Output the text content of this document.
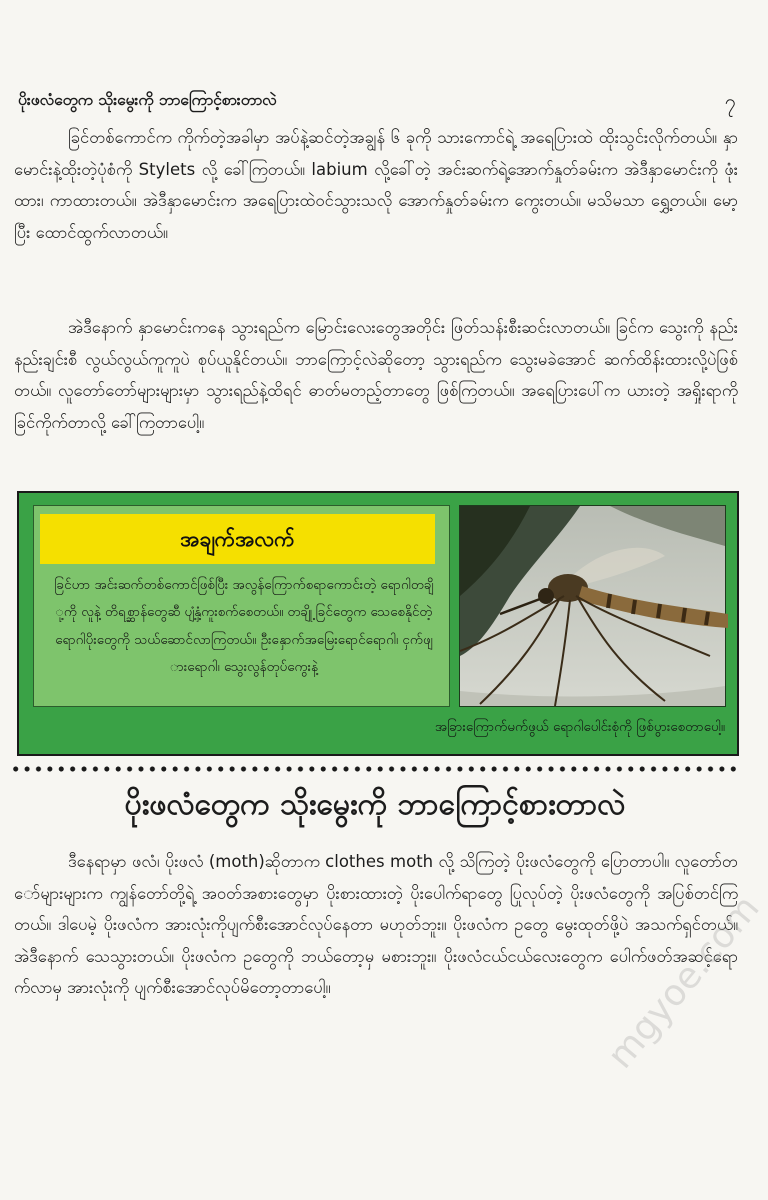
ပိုးဖလံတွေက သိုးမွေးကို ဘာကြောင့်စားတာလဲ	၇

ခြင်တစ်ကောင်က ကိုက်တဲ့အခါမှာ အပ်နဲ့ဆင်တဲ့အချွန် ၆ ခုကို သားကောင်ရဲ့ အရေပြားထဲ ထိုးသွင်းလိုက်တယ်။ နှာမောင်းနဲ့ထိုးတဲ့ပုံစံကို Stylets လို့ ခေါ်ကြတယ်။ labium လို့ခေါ်တဲ့ အင်းဆက်ရဲ့အောက်နှုတ်ခမ်းက အဲဒီနှာမောင်းကို ဖုံးထား၊ ကာထားတယ်။ အဲဒီနှာမောင်းက အရေပြားထဲဝင်သွားသလို အောက်နှုတ်ခမ်းက ကွေးတယ်။ မသိမသာ ရွှေ့တယ်။ မော့ပြီး ထောင်ထွက်လာတယ်။

အဲဒီနောက် နှာမောင်းကနေ သွားရည်က မြောင်းလေးတွေအတိုင်း ဖြတ်သန်းစီးဆင်းလာတယ်။ ခြင်က သွေးကို နည်းနည်းချင်းစီ လွယ်လွယ်ကူကူပဲ စုပ်ယူနိုင်တယ်။ ဘာကြောင့်လဲဆိုတော့ သွားရည်က သွေးမခဲအောင် ဆက်ထိန်းထားလို့ပဲဖြစ်တယ်။ လူတော်တော်များများမှာ သွားရည်နဲ့ထိရင် ဓာတ်မတည့်တာတွေ ဖြစ်ကြတယ်။ အရေပြားပေါ်က ယားတဲ့ အရှိုးရာကို ခြင်ကိုက်တာလို့ ခေါ်ကြတာပေါ့။

အချက်အလက်

ခြင်ဟာ အင်းဆက်တစ်ကောင်ဖြစ်ပြီး အလွန်ကြောက်စရာကောင်းတဲ့ ရောဂါတချို့ကို လူနဲ့ တိရစ္ဆာန်တွေဆီ ပျံ့နှံ့ကူးစက်စေတယ်။ တချို့ခြင်တွေက သေစေနိုင်တဲ့ရောဂါပိုးတွေကို သယ်ဆောင်လာကြတယ်။ ဦးနှောက်အမြေးရောင်ရောဂါ၊ ငှက်ဖျားရောဂါ၊ သွေးလွန်တုပ်ကွေးနဲ့

အခြားကြောက်မက်ဖွယ် ရောဂါပေါင်းစုံကို ဖြစ်ပွားစေတာပေါ့။

ပိုးဖလံတွေက သိုးမွေးကို ဘာကြောင့်စားတာလဲ

ဒီနေရာမှာ ဖလံ၊ ပိုးဖလံ (moth)ဆိုတာက clothes moth လို့ သိကြတဲ့ ပိုးဖလံတွေကို ပြောတာပါ။ လူတော်တော်များများက ကျွန်တော်တို့ရဲ့ အဝတ်အစားတွေမှာ ပိုးစားထားတဲ့ ပိုးပေါက်ရာတွေ ပြုလုပ်တဲ့ ပိုးဖလံတွေကို အပြစ်တင်ကြတယ်။ ဒါပေမဲ့ ပိုးဖလံက အားလုံးကိုပျက်စီးအောင်လုပ်နေတာ မဟုတ်ဘူး။ ပိုးဖလံက ဥတွေ မွေးထုတ်ဖို့ပဲ အသက်ရှင်တယ်။ အဲဒီနောက် သေသွားတယ်။ ပိုးဖလံက ဥတွေကို ဘယ်တော့မှ မစားဘူး။ ပိုးဖလံငယ်ငယ်လေးတွေက ပေါက်ဖတ်အဆင့်ရောက်လာမှ အားလုံးကို ပျက်စီးအောင်လုပ်မိတော့တာပေါ့။	mgyoe.com
